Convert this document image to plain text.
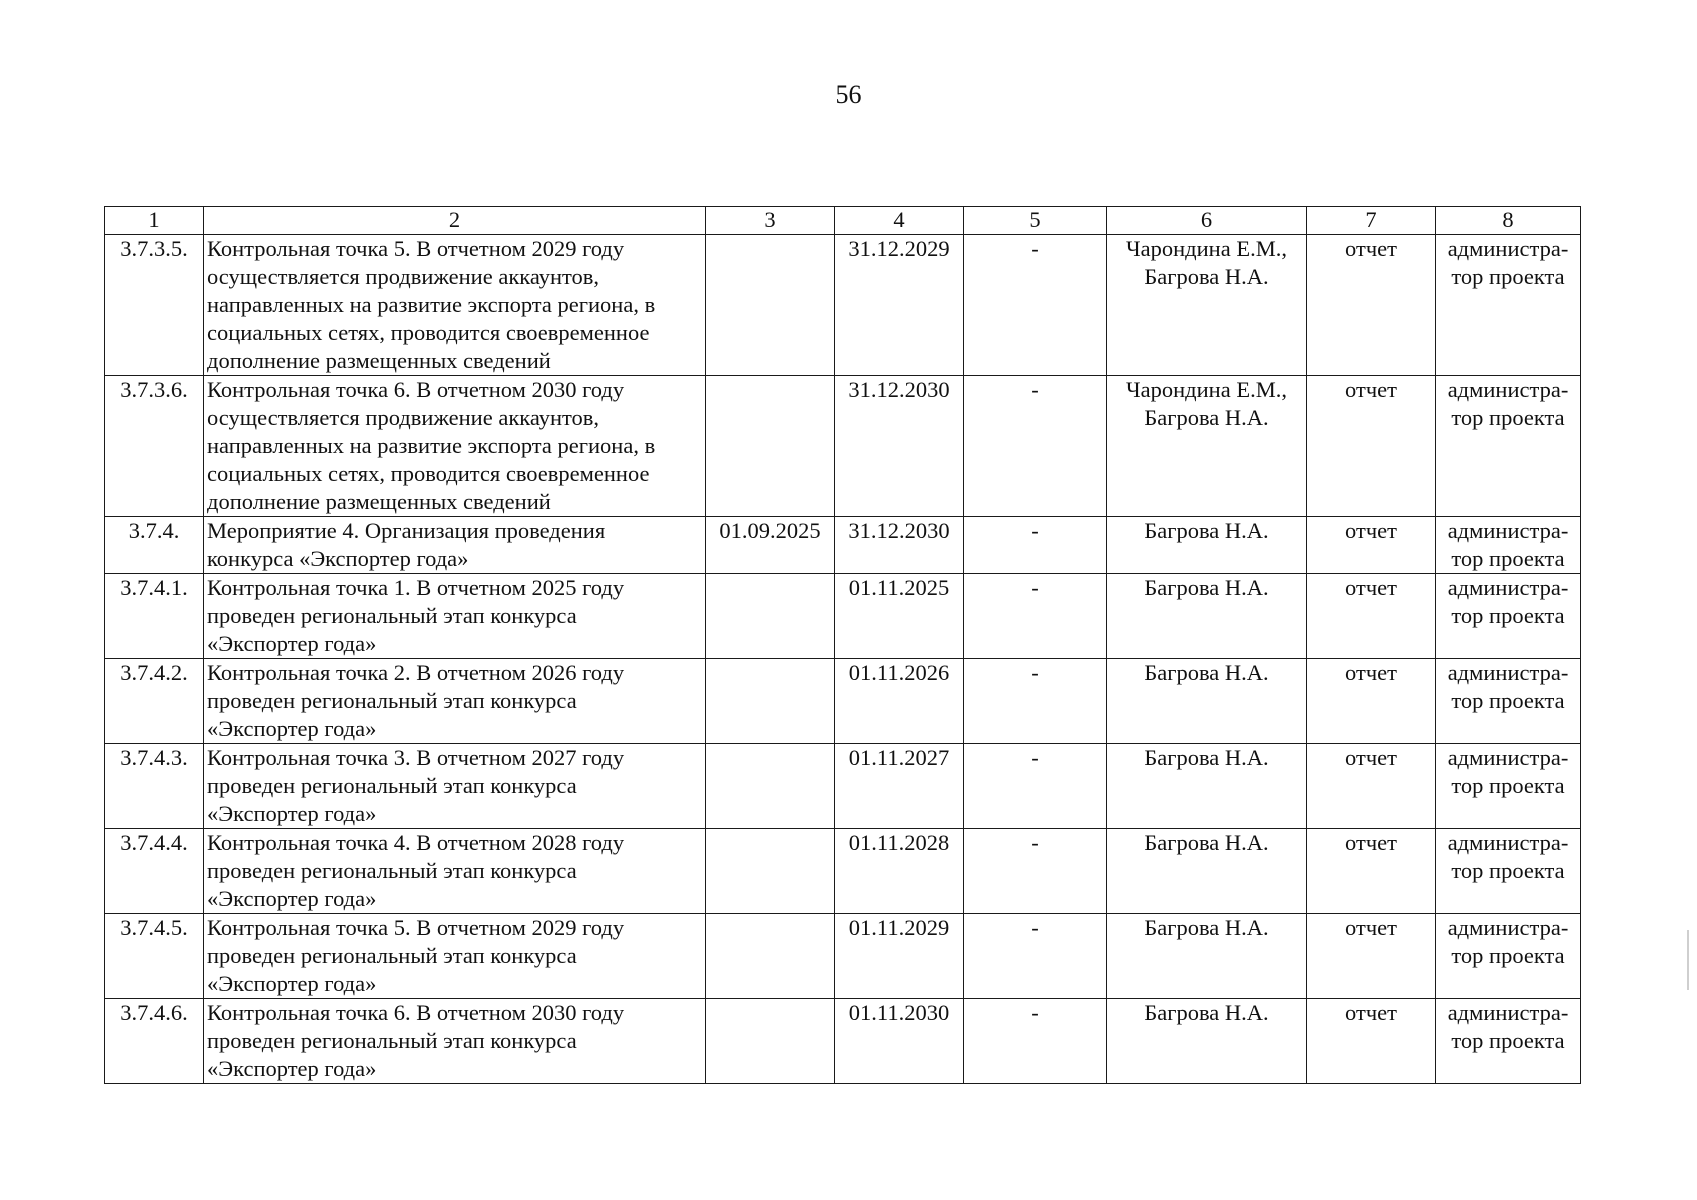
56
1	2	3	4	5	6	7	8
3.7.3.5.	Контрольная точка 5. В отчетном 2029 году
осуществляется продвижение аккаунтов,
направленных на развитие экспорта региона, в
социальных сетях, проводится своевременное
дополнение размещенных сведений		31.12.2029	-	Чарондина Е.М.,
Багрова Н.А.	отчет	администра-
тор проекта
3.7.3.6.	Контрольная точка 6. В отчетном 2030 году
осуществляется продвижение аккаунтов,
направленных на развитие экспорта региона, в
социальных сетях, проводится своевременное
дополнение размещенных сведений		31.12.2030	-	Чарондина Е.М.,
Багрова Н.А.	отчет	администра-
тор проекта
3.7.4.	Мероприятие 4. Организация проведения
конкурса «Экспортер года»	01.09.2025	31.12.2030	-	Багрова Н.А.	отчет	администра-
тор проекта
3.7.4.1.	Контрольная точка 1. В отчетном 2025 году
проведен региональный этап конкурса
«Экспортер года»		01.11.2025	-	Багрова Н.А.	отчет	администра-
тор проекта
3.7.4.2.	Контрольная точка 2. В отчетном 2026 году
проведен региональный этап конкурса
«Экспортер года»		01.11.2026	-	Багрова Н.А.	отчет	администра-
тор проекта
3.7.4.3.	Контрольная точка 3. В отчетном 2027 году
проведен региональный этап конкурса
«Экспортер года»		01.11.2027	-	Багрова Н.А.	отчет	администра-
тор проекта
3.7.4.4.	Контрольная точка 4. В отчетном 2028 году
проведен региональный этап конкурса
«Экспортер года»		01.11.2028	-	Багрова Н.А.	отчет	администра-
тор проекта
3.7.4.5.	Контрольная точка 5. В отчетном 2029 году
проведен региональный этап конкурса
«Экспортер года»		01.11.2029	-	Багрова Н.А.	отчет	администра-
тор проекта
3.7.4.6.	Контрольная точка 6. В отчетном 2030 году
проведен региональный этап конкурса
«Экспортер года»		01.11.2030	-	Багрова Н.А.	отчет	администра-
тор проекта
